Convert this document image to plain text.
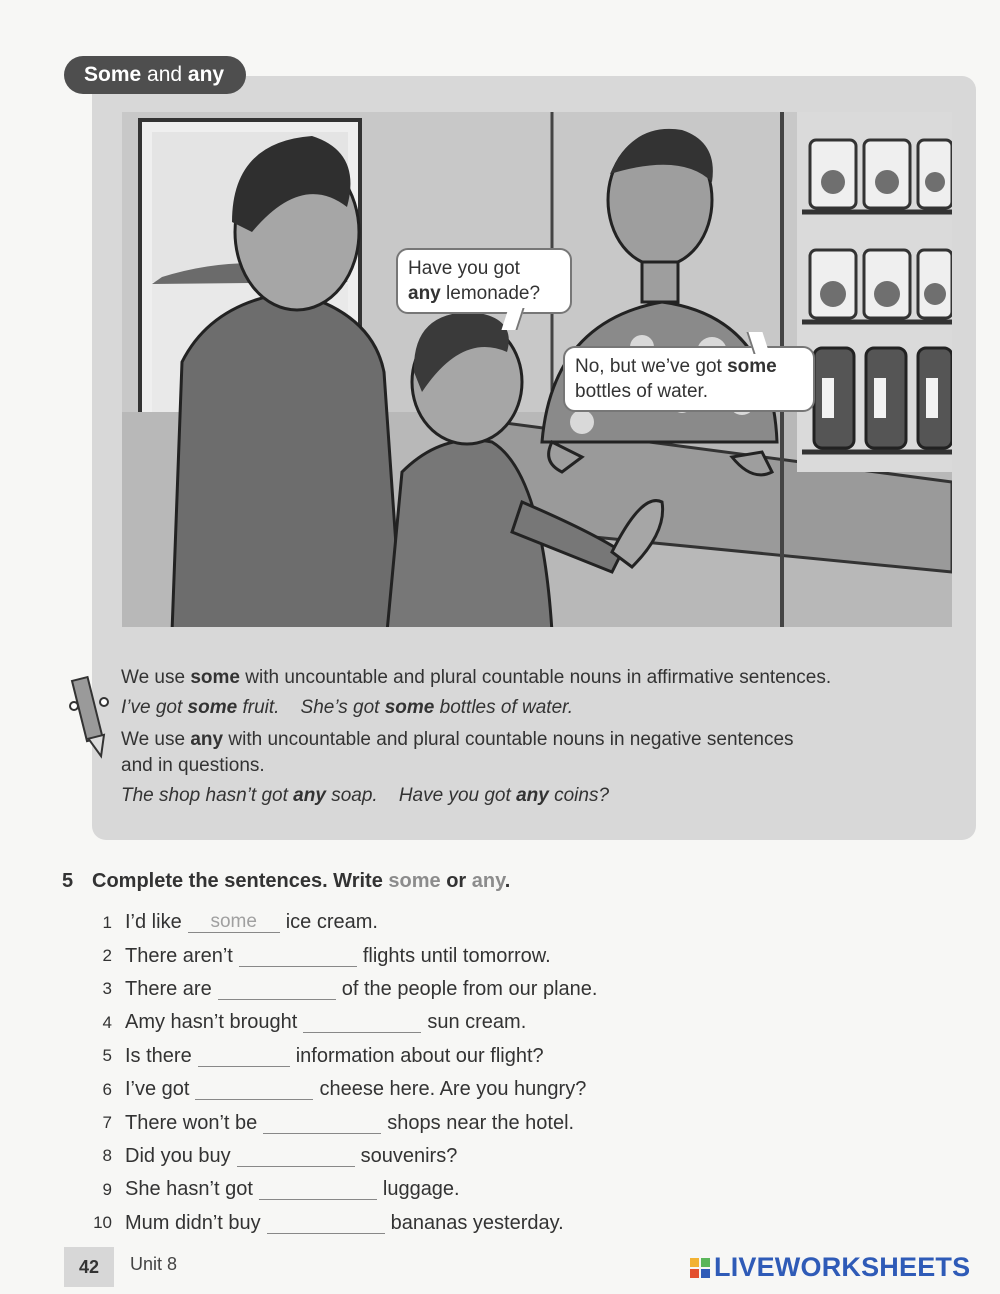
Some and any
Have you got
any lemonade?
No, but we’ve got some
bottles of water.

We use some with uncountable and plural countable nouns in affirmative sentences.

I’ve got some fruit. She’s got some bottles of water.

We use any with uncountable and plural countable nouns in negative sentences

and in questions.

The shop hasn’t got any soap. Have you got any coins?

5 Complete the sentences. Write some or any.
1 I’d like
some	ice cream.
2 There aren’t	flights until tomorrow.
3 There are	of the people from our plane.
4 Amy hasn’t brought	sun cream.
5 Is there	information about our flight?
6 I’ve got	cheese here. Are you hungry?
7 There won’t be	shops near the hotel.
8 Did you buy	souvenirs?
9 She hasn’t got	luggage.
10 Mum didn’t buy	bananas yesterday.
42	Unit 8	LIVEWORKSHEETS
